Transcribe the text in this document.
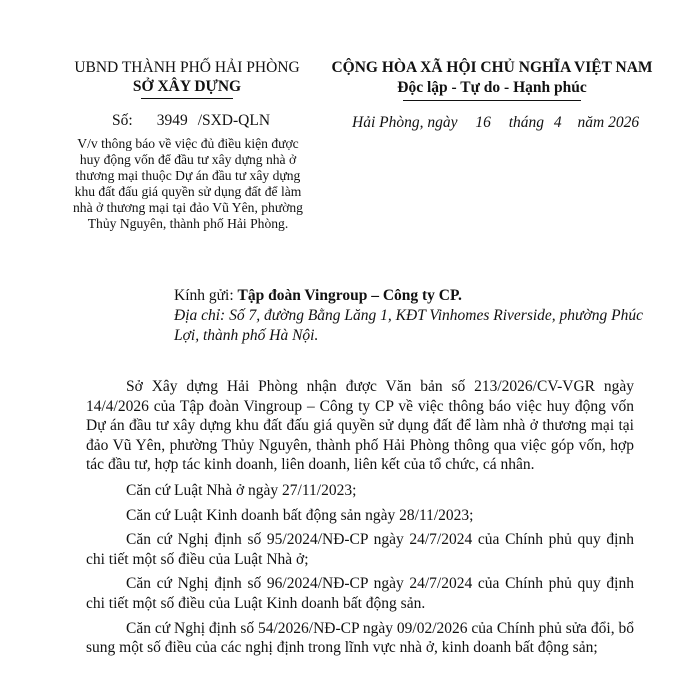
UBND THÀNH PHỐ HẢI PHÒNG
SỞ XÂY DỰNG
Số: 3949 /SXD-QLN
V/v thông báo về việc đủ điều kiện được huy động vốn để đầu tư xây dựng nhà ở thương mại thuộc Dự án đầu tư xây dựng khu đất đấu giá quyền sử dụng đất để làm nhà ở thương mại tại đảo Vũ Yên, phường Thủy Nguyên, thành phố Hải Phòng.
CỘNG HÒA XÃ HỘI CHỦ NGHĨA VIỆT NAM
Độc lập - Tự do - Hạnh phúc
Hải Phòng, ngày 16 tháng 4 năm 2026
Kính gửi: Tập đoàn Vingroup – Công ty CP.
Địa chỉ: Số 7, đường Bằng Lăng 1, KĐT Vinhomes Riverside, phường Phúc Lợi, thành phố Hà Nội.

Sở Xây dựng Hải Phòng nhận được Văn bản số 213/2026/CV-VGR ngày 14/4/2026 của Tập đoàn Vingroup – Công ty CP về việc thông báo việc huy động vốn Dự án đầu tư xây dựng khu đất đấu giá quyền sử dụng đất để làm nhà ở thương mại tại đảo Vũ Yên, phường Thủy Nguyên, thành phố Hải Phòng thông qua việc góp vốn, hợp tác đầu tư, hợp tác kinh doanh, liên doanh, liên kết của tổ chức, cá nhân.

Căn cứ Luật Nhà ở ngày 27/11/2023;

Căn cứ Luật Kinh doanh bất động sản ngày 28/11/2023;

Căn cứ Nghị định số 95/2024/NĐ-CP ngày 24/7/2024 của Chính phủ quy định chi tiết một số điều của Luật Nhà ở;

Căn cứ Nghị định số 96/2024/NĐ-CP ngày 24/7/2024 của Chính phủ quy định chi tiết một số điều của Luật Kinh doanh bất động sản.

Căn cứ Nghị định số 54/2026/NĐ-CP ngày 09/02/2026 của Chính phủ sửa đổi, bổ sung một số điều của các nghị định trong lĩnh vực nhà ở, kinh doanh bất động sản;
